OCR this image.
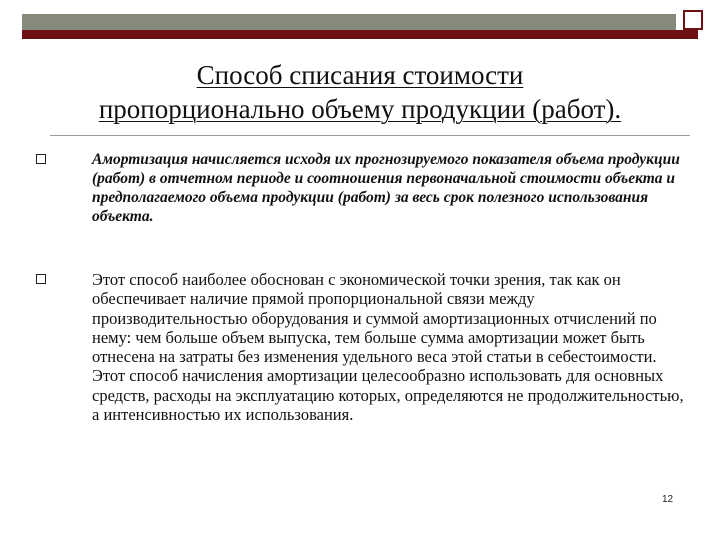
Способ списания стоимости
пропорционально объему продукции (работ).
Амортизация начисляется исходя их прогнозируемого показателя объема продукции (работ) в отчетном периоде и соотношения первоначальной стоимости объекта и предполагаемого объема продукции (работ) за весь срок полезного использования объекта.
Этот способ наиболее обоснован с экономической точки зрения, так как он обеспечивает наличие прямой пропорциональной связи между производительностью оборудования и суммой амортизационных отчислений по нему: чем больше объем выпуска, тем больше сумма амортизации может быть отнесена на затраты без изменения удельного веса этой статьи в себестоимости. Этот способ начисления амортизации целесообразно использовать для основных средств, расходы на эксплуатацию которых, определяются не продолжительностью, а интенсивностью их использования.
12
